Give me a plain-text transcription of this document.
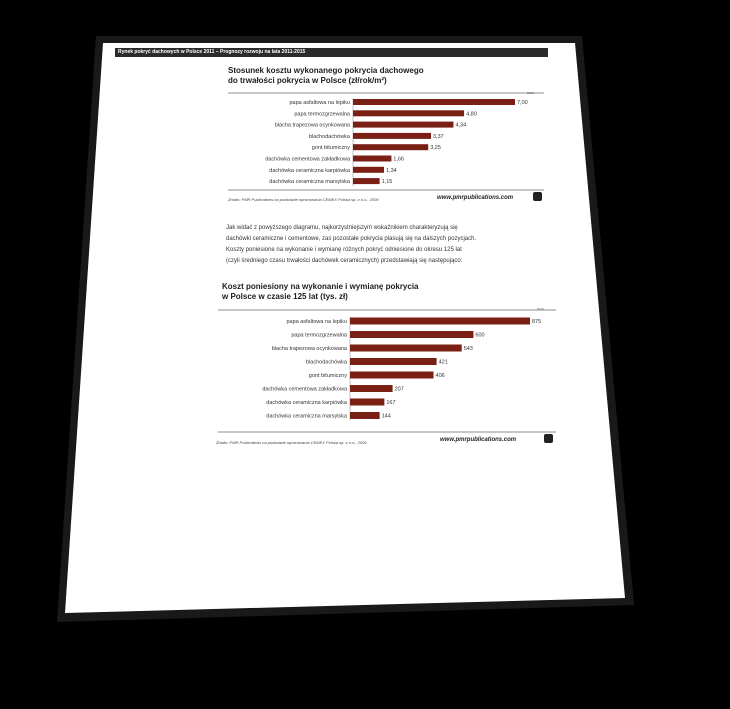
Rynek pokryć dachowych w Polsce 2011 – Prognozy rozwoju na lata 2011-2015
Stosunek kosztu wykonanego pokrycia dachowego
do trwałości pokrycia w Polsce (zł/rok/m²)
2010
papa asfaltowa na lepiku	7,00
papa termozgrzewalna	4,80
blacha trapezowa ocynkowana	4,34
blachodachówka	3,37
gont bitumiczny	3,25
dachówka cementowa zakładkowa	1,66
dachówka ceramiczna karpiówka	1,34
dachówka ceramiczna marsylska	1,15
Źródło: PMR Publications na podstawie opracowania CEMEX Polska sp. z o.o., 2009	www.pmrpublications.com
Jak widać z powyższego diagramu, najkorzystniejszym wskaźnikiem charakteryzują się
dachówki ceramiczne i cementowe, zaś pozostałe pokrycia plasują się na dalszych pozycjach.
Koszty poniesione na wykonanie i wymianę różnych pokryć odniesione do okresu 125 lat
(czyli średniego czasu trwałości dachówek ceramicznych) przedstawiają się następująco:
Koszt poniesiony na wykonanie i wymianę pokrycia
w Polsce w czasie 125 lat (tys. zł)
2010
papa asfaltowa na lepiku	875
papa termozgrzewalna	600
blacha trapezowa ocynkowana	543
blachodachówka	421
gont bitumiczny	406
dachówka cementowa zakładkowa	207
dachówka ceramiczna karpiówka	167
dachówka ceramiczna marsylska	144
Źródło: PMR Publications na podstawie opracowania CEMEX Polska sp. z o.o., 2009	www.pmrpublications.com
